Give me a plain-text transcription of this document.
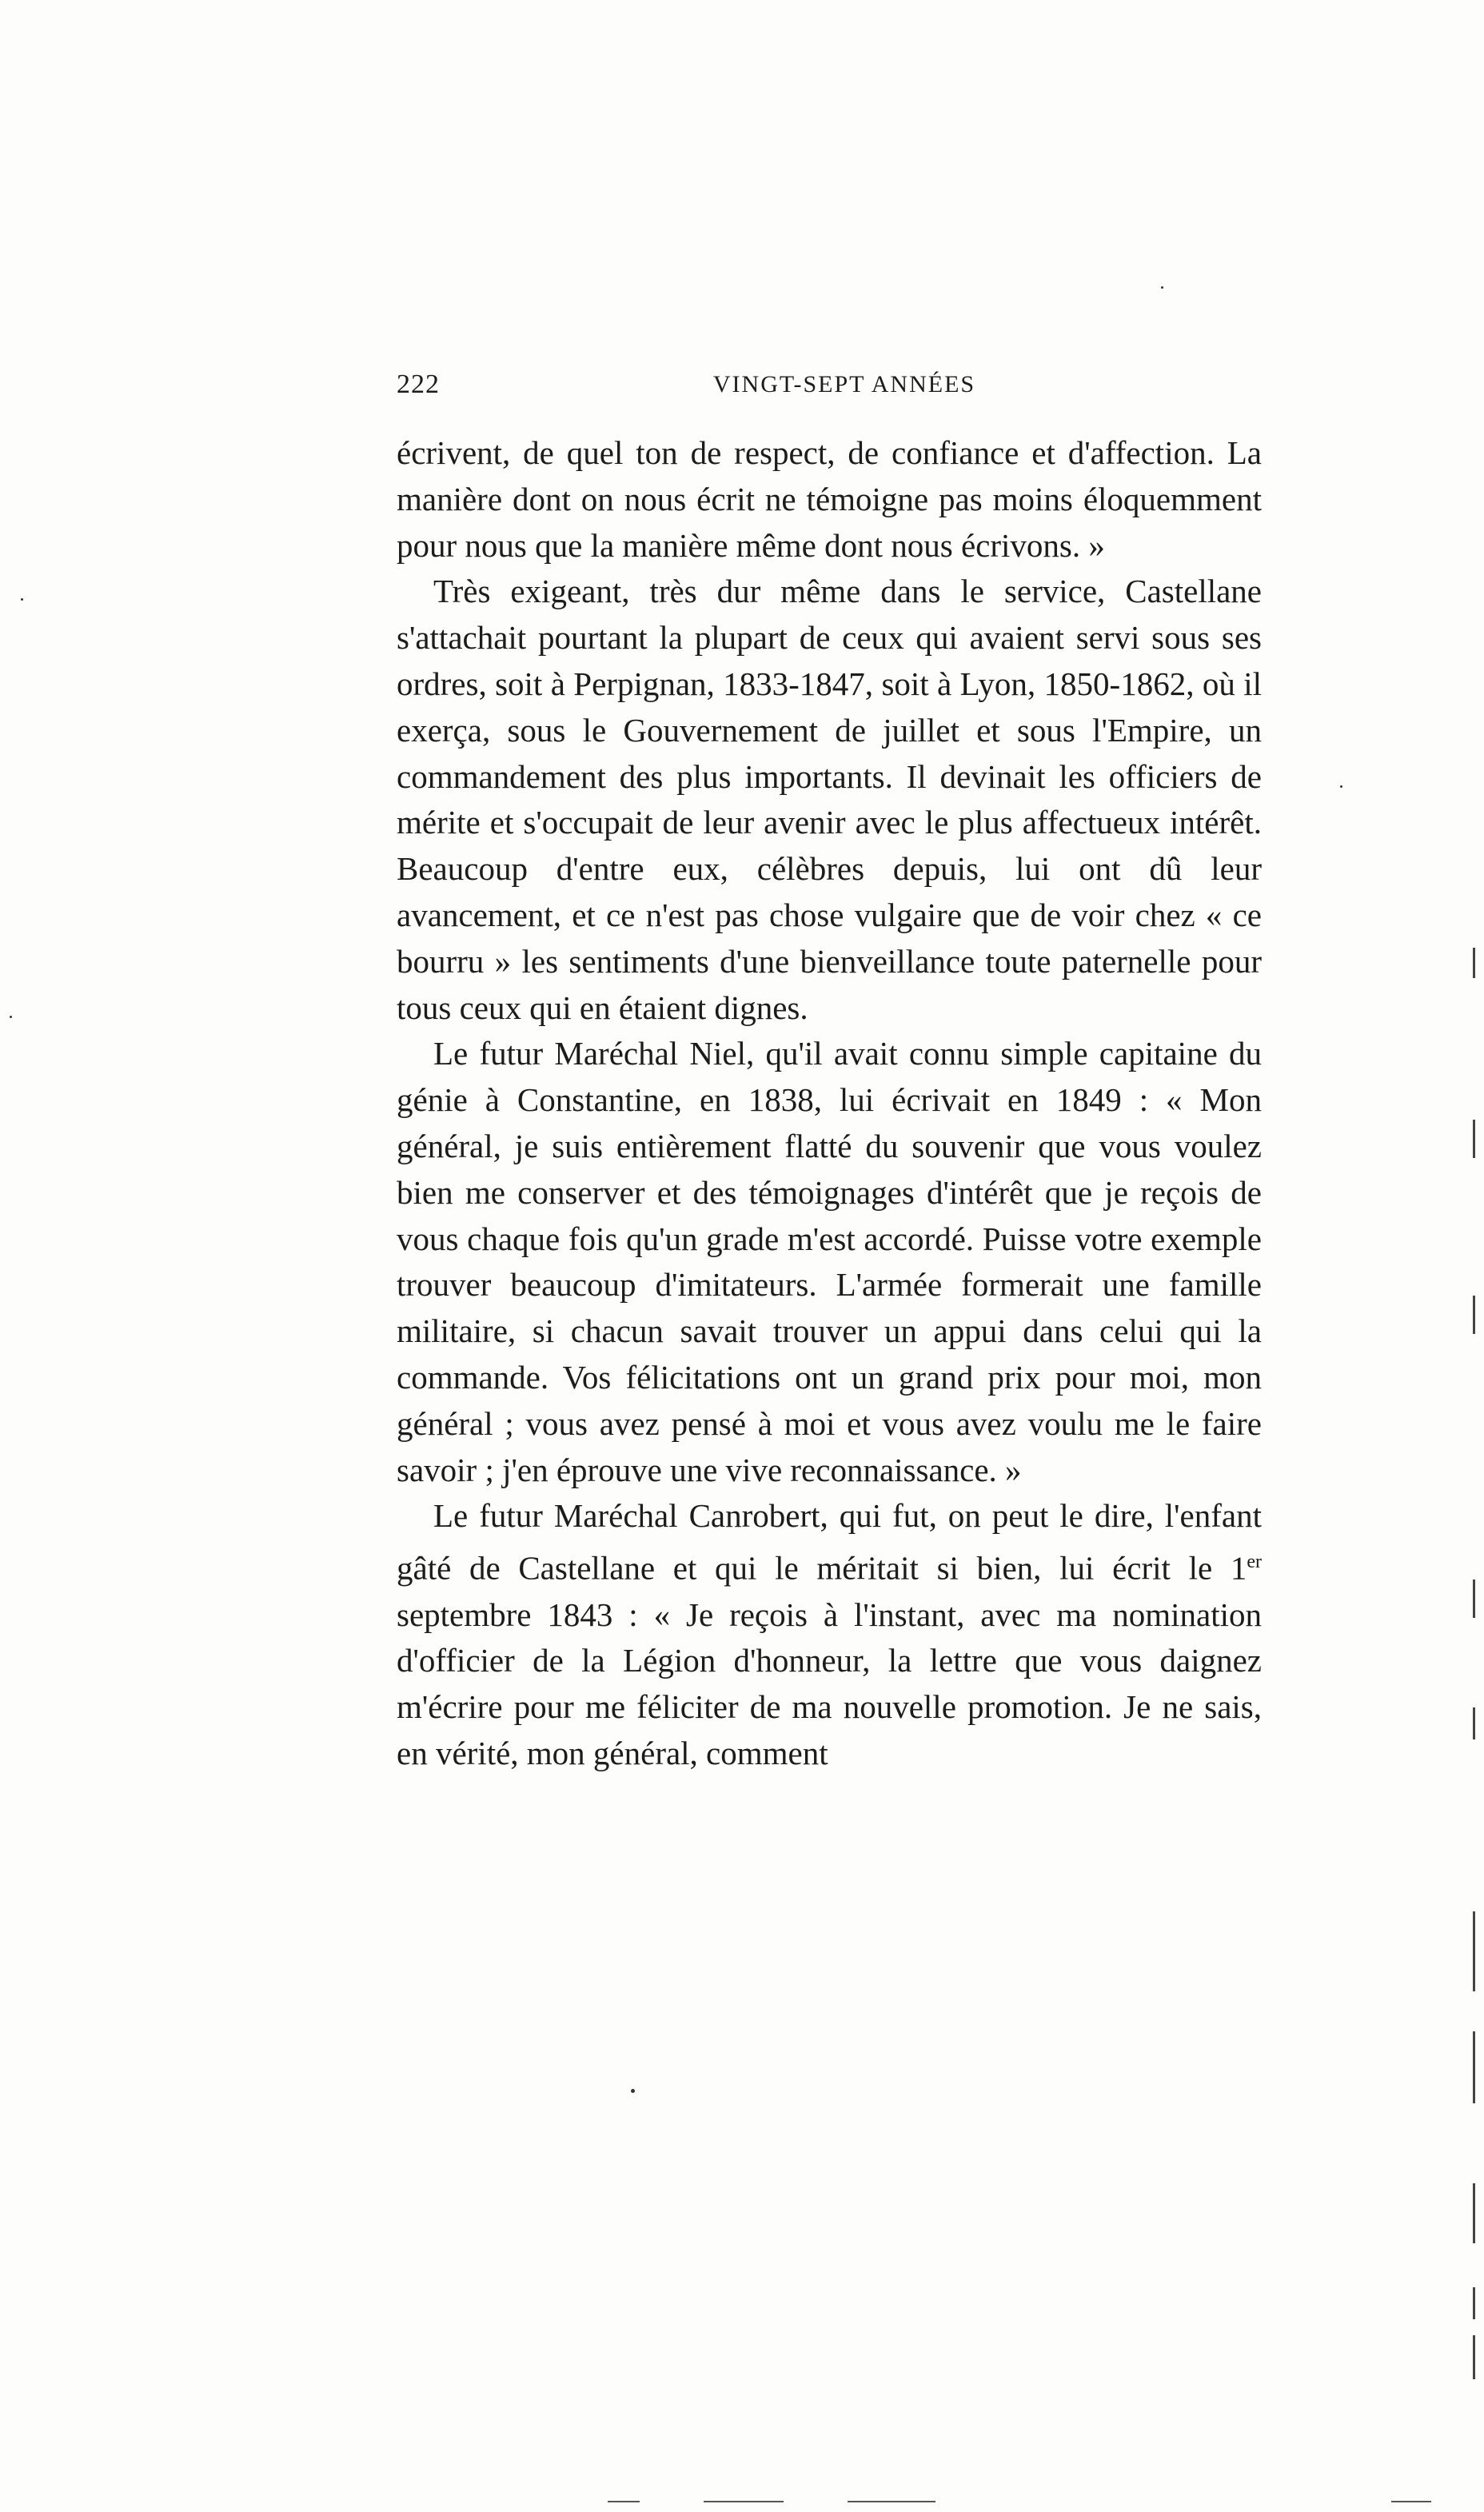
222	VINGT-SEPT ANNÉES

écrivent, de quel ton de respect, de confiance et d'affection. La manière dont on nous écrit ne témoigne pas moins éloquemment pour nous que la manière même dont nous écrivons. »

Très exigeant, très dur même dans le service, Castellane s'attachait pourtant la plupart de ceux qui avaient servi sous ses ordres, soit à Perpignan, 1833-1847, soit à Lyon, 1850-1862, où il exerça, sous le Gouvernement de juillet et sous l'Empire, un commandement des plus importants. Il devinait les officiers de mérite et s'occupait de leur avenir avec le plus affectueux intérêt. Beaucoup d'entre eux, célèbres depuis, lui ont dû leur avancement, et ce n'est pas chose vulgaire que de voir chez « ce bourru » les sentiments d'une bienveillance toute paternelle pour tous ceux qui en étaient dignes.

Le futur Maréchal Niel, qu'il avait connu simple capitaine du génie à Constantine, en 1838, lui écrivait en 1849 : « Mon général, je suis entièrement flatté du souvenir que vous voulez bien me conserver et des témoignages d'intérêt que je reçois de vous chaque fois qu'un grade m'est accordé. Puisse votre exemple trouver beaucoup d'imitateurs. L'armée formerait une famille militaire, si chacun savait trouver un appui dans celui qui la commande. Vos félicitations ont un grand prix pour moi, mon général ; vous avez pensé à moi et vous avez voulu me le faire savoir ; j'en éprouve une vive reconnaissance. »

Le futur Maréchal Canrobert, qui fut, on peut le dire, l'enfant gâté de Castellane et qui le méritait si bien, lui écrit le 1er septembre 1843 : « Je reçois à l'instant, avec ma nomination d'officier de la Légion d'honneur, la lettre que vous daignez m'écrire pour me féliciter de ma nouvelle promotion. Je ne sais, en vérité, mon général, comment
